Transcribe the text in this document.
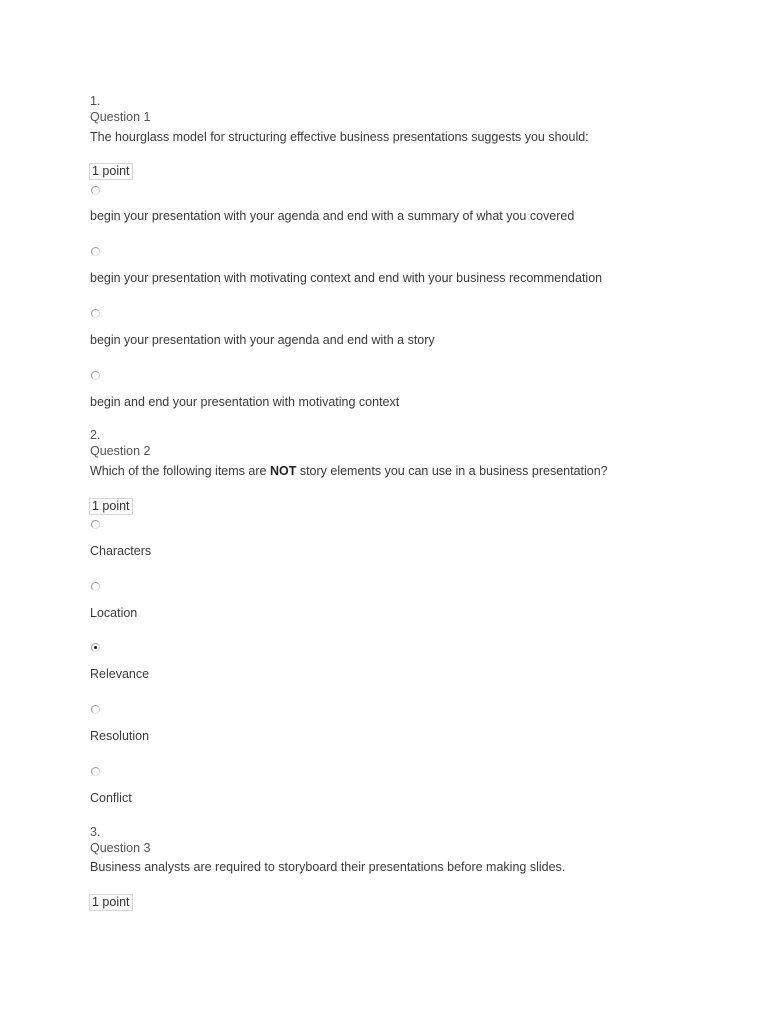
1.
Question 1
The hourglass model for structuring effective business presentations suggests you should:
1 point
begin your presentation with your agenda and end with a summary of what you covered
begin your presentation with motivating context and end with your business recommendation
begin your presentation with your agenda and end with a story
begin and end your presentation with motivating context
2.
Question 2
Which of the following items are NOT story elements you can use in a business presentation?
1 point
Characters
Location
Relevance
Resolution
Conflict
3.
Question 3
Business analysts are required to storyboard their presentations before making slides.
1 point
